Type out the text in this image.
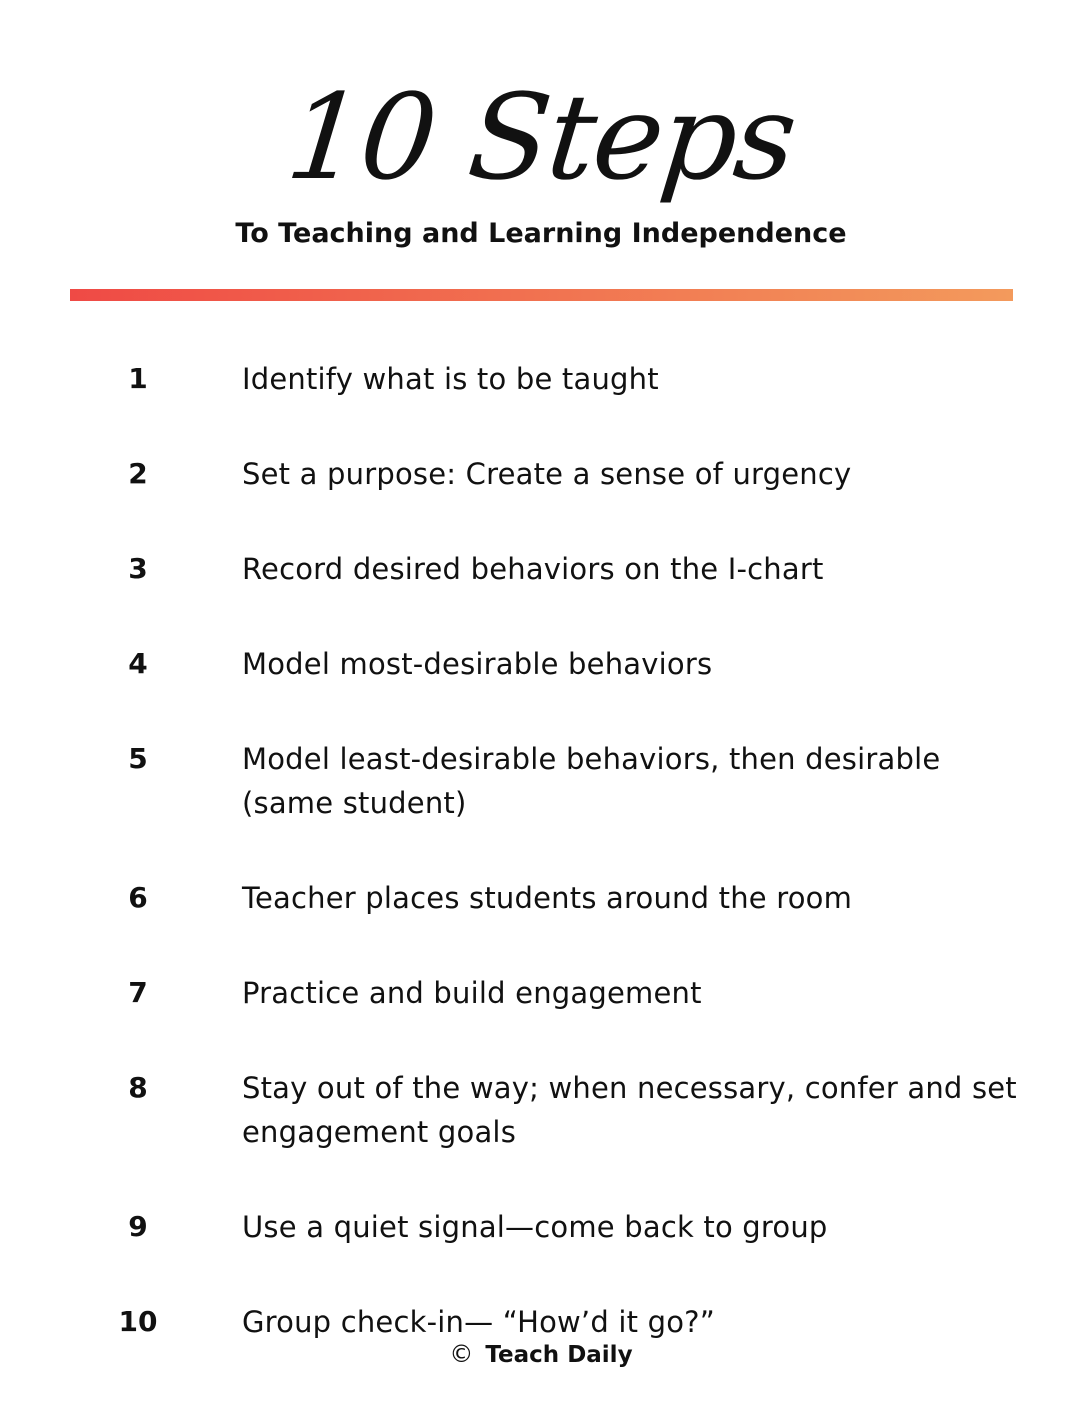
10 Steps
To Teaching and Learning Independence
1	Identify what is to be taught
2	Set a purpose: Create a sense of urgency
3	Record desired behaviors on the I-chart
4	Model most-desirable behaviors
5	Model least-desirable behaviors, then desirable (same student)
6	Teacher places students around the room
7	Practice and build engagement
8	Stay out of the way; when necessary, confer and set engagement goals
9	Use a quiet signal—come back to group
10	Group check-in— “How’d it go?”
© Teach Daily
